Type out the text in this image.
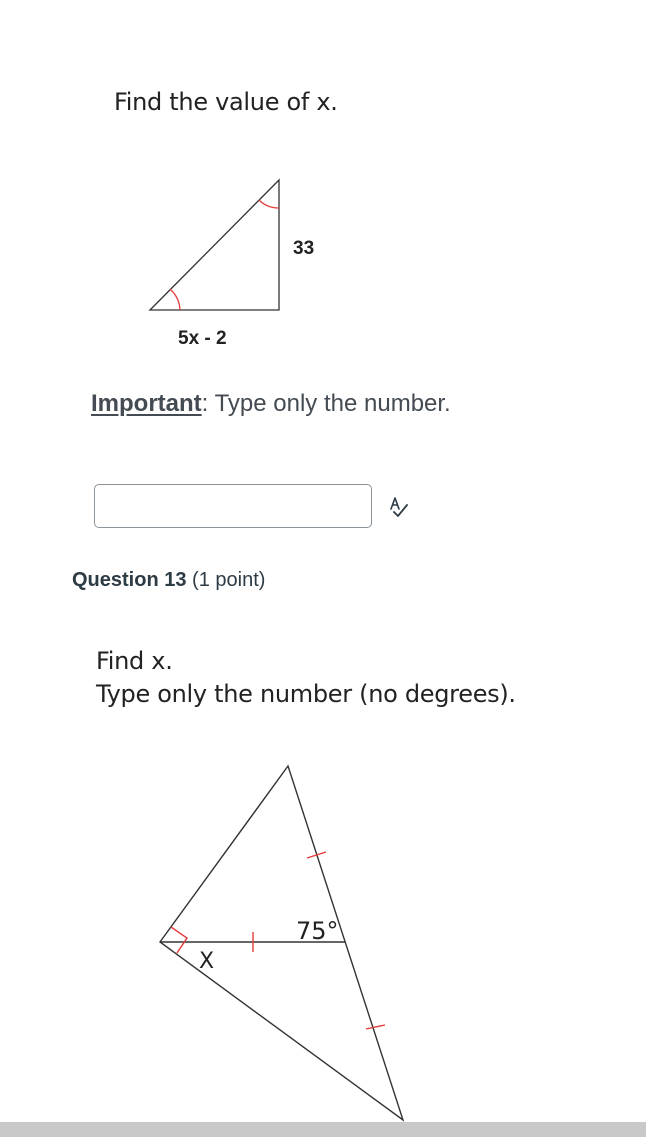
Find the value of x.
33
5x - 2
Important: Type only the number.
Question 13 (1 point)
Find x.
Type only the number (no degrees).
75°
X
